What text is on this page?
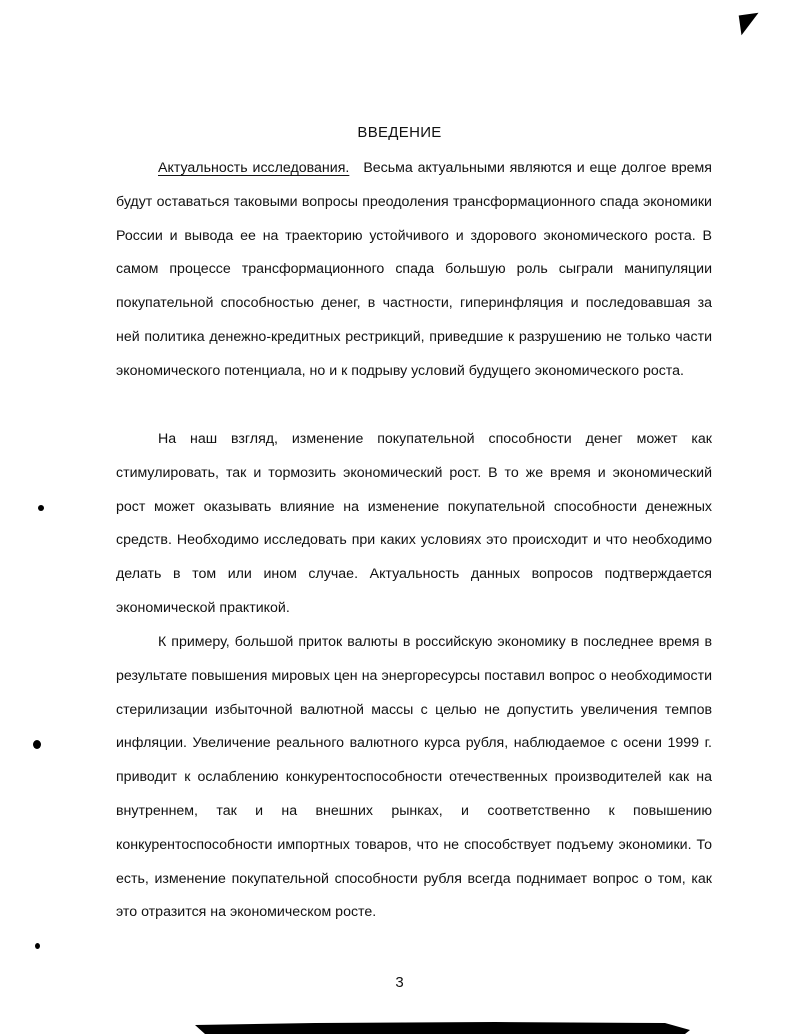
ВВЕДЕНИЕ

Актуальность исследования. Весьма актуальными являются и еще долгое время будут оставаться таковыми вопросы преодоления трансформационного спада экономики России и вывода ее на траекторию устойчивого и здорового экономического роста. В самом процессе трансформационного спада большую роль сыграли манипуляции покупательной способностью денег, в частности, гиперинфляция и последовавшая за ней политика денежно-кредитных рестрикций, приведшие к разрушению не только части экономического потенциала, но и к подрыву условий будущего экономического роста.

На наш взгляд, изменение покупательной способности денег может как стимулировать, так и тормозить экономический рост. В то же время и экономический рост может оказывать влияние на изменение покупательной способности денежных средств. Необходимо исследовать при каких условиях это происходит и что необходимо делать в том или ином случае. Актуальность данных вопросов подтверждается экономической практикой.

К примеру, большой приток валюты в российскую экономику в последнее время в результате повышения мировых цен на энергоресурсы поставил вопрос о необходимости стерилизации избыточной валютной массы с целью не допустить увеличения темпов инфляции. Увеличение реального валютного курса рубля, наблюдаемое с осени 1999 г. приводит к ослаблению конкурентоспособности отечественных производителей как на внутреннем, так и на внешних рынках, и соответственно к повышению конкурентоспособности импортных товаров, что не способствует подъему экономики. То есть, изменение покупательной способности рубля всегда поднимает вопрос о том, как это отразится на экономическом росте.

3
